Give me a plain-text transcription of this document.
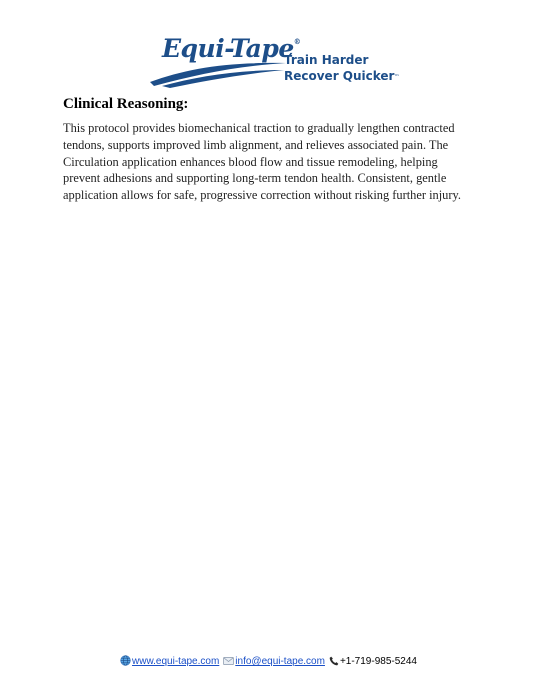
Equi-Tape®
Train Harder
Recover Quicker™
Clinical Reasoning:

This protocol provides biomechanical traction to gradually lengthen contracted tendons, supports improved limb alignment, and relieves associated pain. The Circulation application enhances blood flow and tissue remodeling, helping prevent adhesions and supporting long-term tendon health. Consistent, gentle application allows for safe, progressive correction without risking further injury.

www.equi-tape.com info@equi-tape.com +1-719-985-5244
